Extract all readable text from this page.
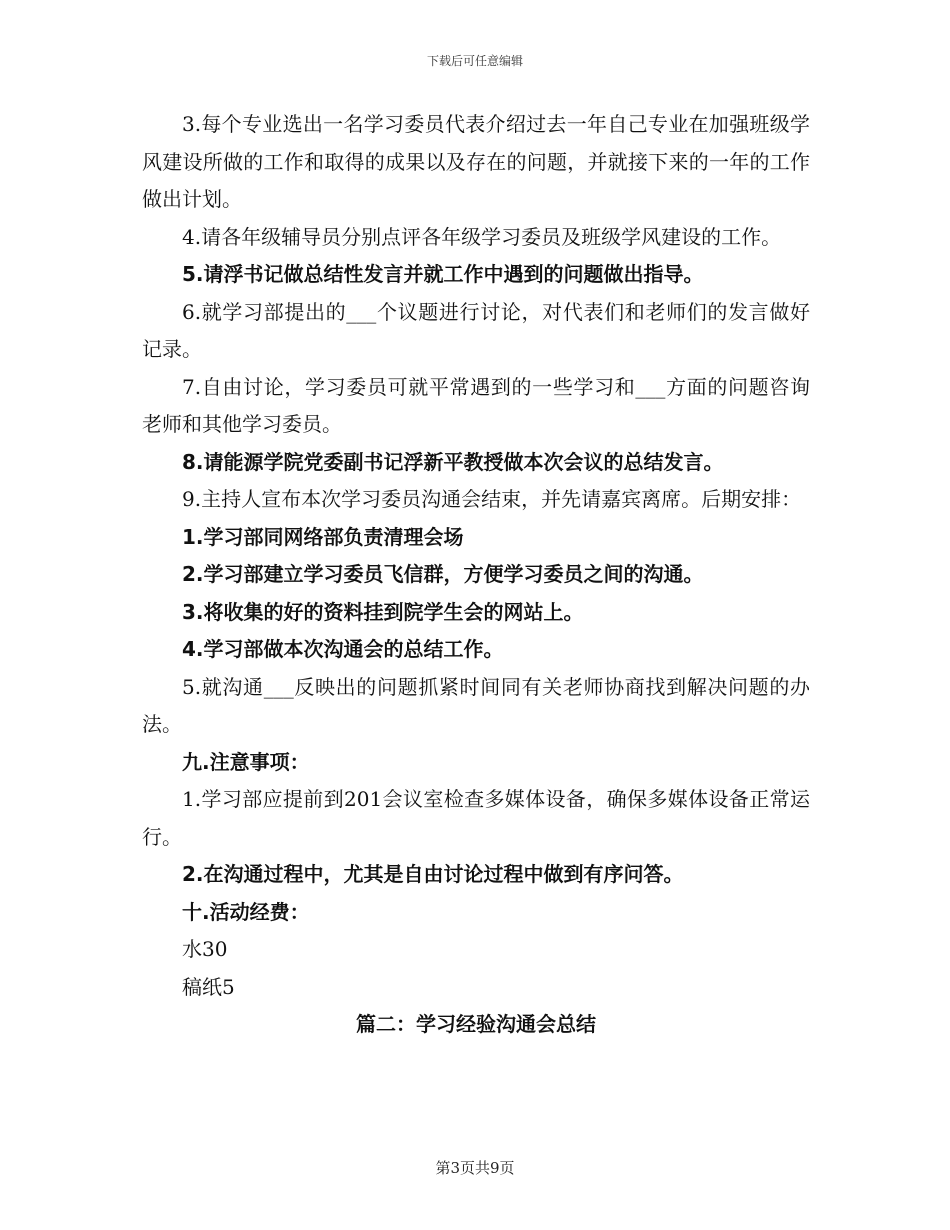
下载后可任意编辑

3.每个专业选出一名学习委员代表介绍过去一年自己专业在加强班级学风建设所做的工作和取得的成果以及存在的问题，并就接下来的一年的工作做出计划。

4.请各年级辅导员分别点评各年级学习委员及班级学风建设的工作。

5.请浮书记做总结性发言并就工作中遇到的问题做出指导。

6.就学习部提出的___个议题进行讨论，对代表们和老师们的发言做好记录。

7.自由讨论，学习委员可就平常遇到的一些学习和___方面的问题咨询老师和其他学习委员。

8.请能源学院党委副书记浮新平教授做本次会议的总结发言。

9.主持人宣布本次学习委员沟通会结束，并先请嘉宾离席。后期安排：

1.学习部同网络部负责清理会场

2.学习部建立学习委员飞信群，方便学习委员之间的沟通。

3.将收集的好的资料挂到院学生会的网站上。

4.学习部做本次沟通会的总结工作。

5.就沟通___反映出的问题抓紧时间同有关老师协商找到解决问题的办法。

九.注意事项：

1.学习部应提前到201会议室检查多媒体设备，确保多媒体设备正常运行。

2.在沟通过程中，尤其是自由讨论过程中做到有序问答。

十.活动经费：

水30

稿纸5

篇二：学习经验沟通会总结

第3页共9页
